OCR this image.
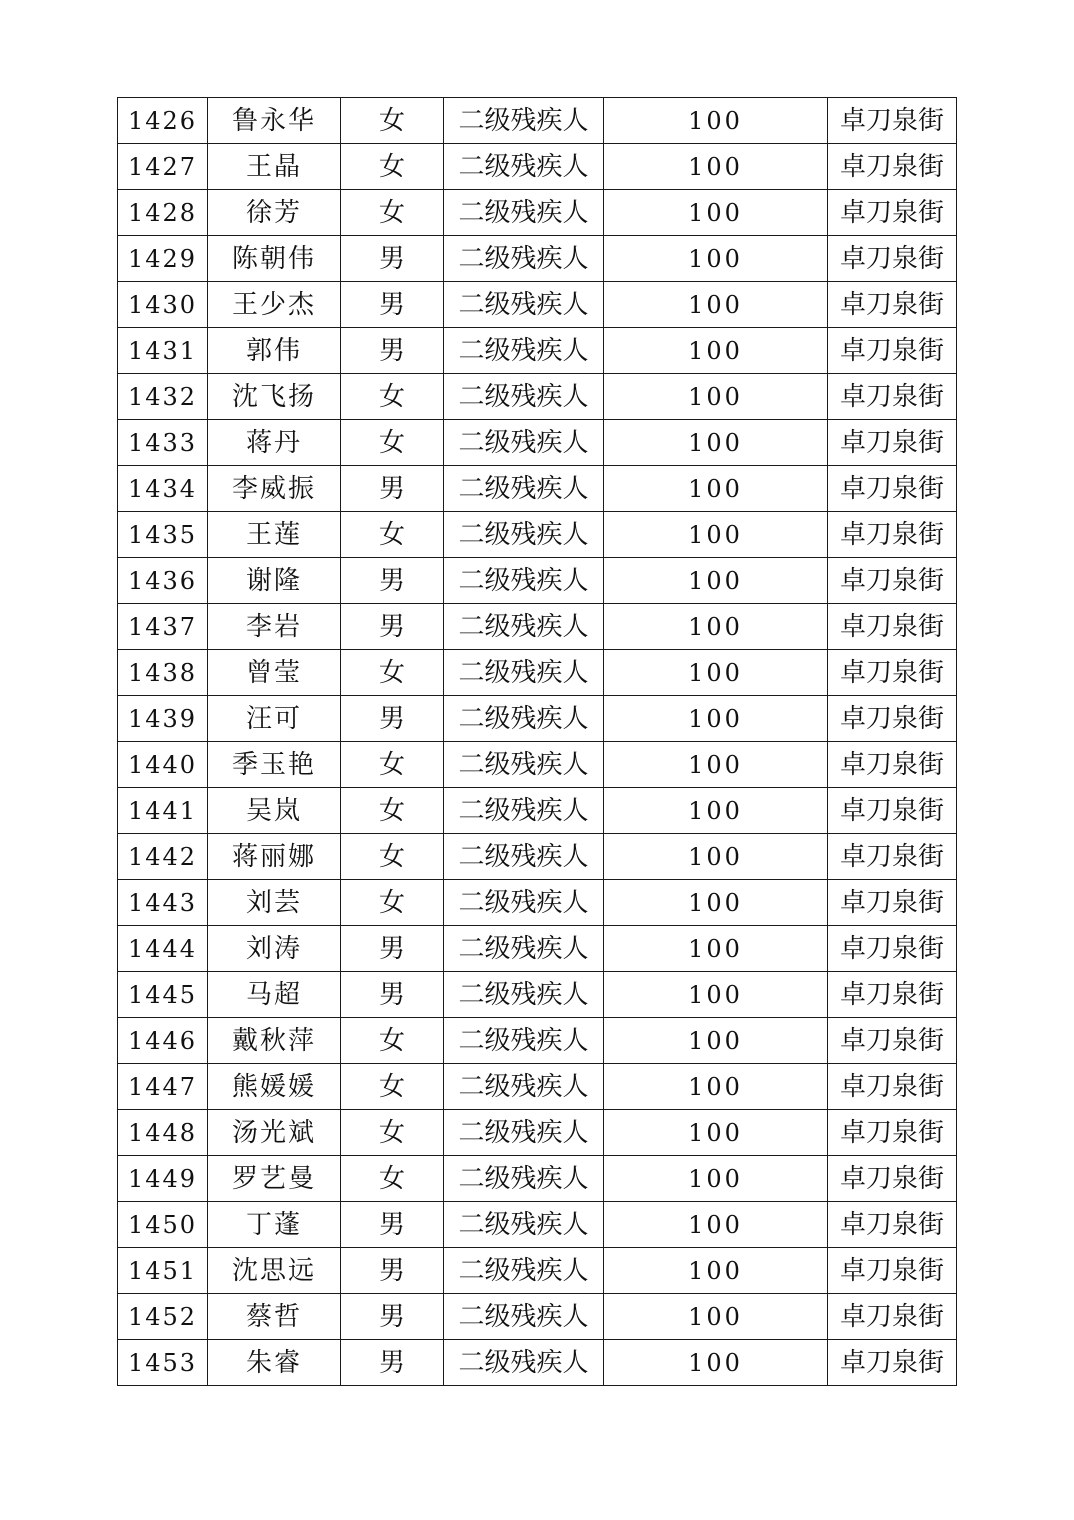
1426	鲁永华	女	二级残疾人	100	卓刀泉街
1427	王晶	女	二级残疾人	100	卓刀泉街
1428	徐芳	女	二级残疾人	100	卓刀泉街
1429	陈朝伟	男	二级残疾人	100	卓刀泉街
1430	王少杰	男	二级残疾人	100	卓刀泉街
1431	郭伟	男	二级残疾人	100	卓刀泉街
1432	沈飞扬	女	二级残疾人	100	卓刀泉街
1433	蒋丹	女	二级残疾人	100	卓刀泉街
1434	李威振	男	二级残疾人	100	卓刀泉街
1435	王莲	女	二级残疾人	100	卓刀泉街
1436	谢隆	男	二级残疾人	100	卓刀泉街
1437	李岩	男	二级残疾人	100	卓刀泉街
1438	曾莹	女	二级残疾人	100	卓刀泉街
1439	汪可	男	二级残疾人	100	卓刀泉街
1440	季玉艳	女	二级残疾人	100	卓刀泉街
1441	吴岚	女	二级残疾人	100	卓刀泉街
1442	蒋丽娜	女	二级残疾人	100	卓刀泉街
1443	刘芸	女	二级残疾人	100	卓刀泉街
1444	刘涛	男	二级残疾人	100	卓刀泉街
1445	马超	男	二级残疾人	100	卓刀泉街
1446	戴秋萍	女	二级残疾人	100	卓刀泉街
1447	熊媛媛	女	二级残疾人	100	卓刀泉街
1448	汤光斌	女	二级残疾人	100	卓刀泉街
1449	罗艺曼	女	二级残疾人	100	卓刀泉街
1450	丁蓬	男	二级残疾人	100	卓刀泉街
1451	沈思远	男	二级残疾人	100	卓刀泉街
1452	蔡哲	男	二级残疾人	100	卓刀泉街
1453	朱睿	男	二级残疾人	100	卓刀泉街
